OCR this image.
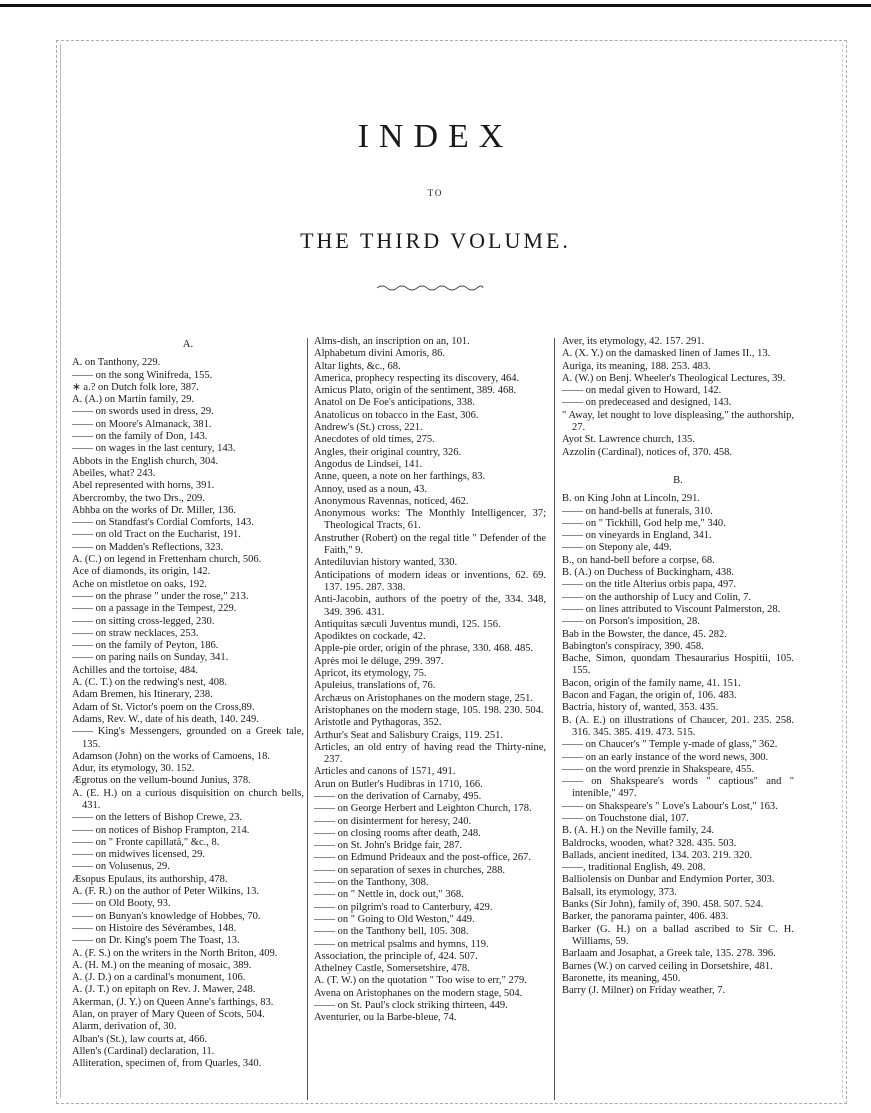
INDEX
TO
THE THIRD VOLUME.
A.
A. on Tanthony, 229.
—— on the song Winifreda, 155.
∗ a.? on Dutch folk lore, 387.
A. (A.) on Martin family, 29.
—— on swords used in dress, 29.
—— on Moore's Almanack, 381.
—— on the family of Don, 143.
—— on wages in the last century, 143.
Abbots in the English church, 304.
Abeiles, what? 243.
Abel represented with horns, 391.
Abercromby, the two Drs., 209.
Abhba on the works of Dr. Miller, 136.
—— on Standfast's Cordial Comforts, 143.
—— on old Tract on the Eucharist, 191.
—— on Madden's Reflections, 323.
A. (C.) on legend in Frettenham church, 506.
Ace of diamonds, its origin, 142.
Ache on mistletoe on oaks, 192.
—— on the phrase " under the rose," 213.
—— on a passage in the Tempest, 229.
—— on sitting cross-legged, 230.
—— on straw necklaces, 253.
—— on the family of Peyton, 186.
—— on paring nails on Sunday, 341.
Achilles and the tortoise, 484.
A. (C. T.) on the redwing's nest, 408.
Adam Bremen, his Itinerary, 238.
Adam of St. Victor's poem on the Cross,89.
Adams, Rev. W., date of his death, 140. 249.
—— King's Messengers, grounded on a Greek tale, 135.
Adamson (John) on the works of Camoens, 18.
Adur, its etymology, 30. 152.
Ægrotus on the vellum-bound Junius, 378.
A. (E. H.) on a curious disquisition on church bells, 431.
—— on the letters of Bishop Crewe, 23.
—— on notices of Bishop Frampton, 214.
—— on " Fronte capillatâ," &c., 8.
—— on midwives licensed, 29.
—— on Volusenus, 29.
Æsopus Epulaus, its authorship, 478.
A. (F. R.) on the author of Peter Wilkins, 13.
—— on Old Booty, 93.
—— on Bunyan's knowledge of Hobbes, 70.
—— on Histoire des Sévérambes, 148.
—— on Dr. King's poem The Toast, 13.
A. (F. S.) on the writers in the North Briton, 409.
A. (H. M.) on the meaning of mosaic, 389.
A. (J. D.) on a cardinal's monument, 106.
A. (J. T.) on epitaph on Rev. J. Mawer, 248.
Akerman, (J. Y.) on Queen Anne's farthings, 83.
Alan, on prayer of Mary Queen of Scots, 504.
Alarm, derivation of, 30.
Alban's (St.), law courts at, 466.
Allen's (Cardinal) declaration, 11.
Alliteration, specimen of, from Quarles, 340.
Alms-dish, an inscription on an, 101.
Alphabetum divini Amoris, 86.
Altar lights, &c., 68.
America, prophecy respecting its discovery, 464.
Amicus Plato, origin of the sentiment, 389. 468.
Anatol on De Foe's anticipations, 338.
Anatolicus on tobacco in the East, 306.
Andrew's (St.) cross, 221.
Anecdotes of old times, 275.
Angles, their original country, 326.
Angodus de Lindsei, 141.
Anne, queen, a note on her farthings, 83.
Annoy, used as a noun, 43.
Anonymous Ravennas, noticed, 462.
Anonymous works: The Monthly Intelligencer, 37; Theological Tracts, 61.
Anstruther (Robert) on the regal title " Defender of the Faith," 9.
Antediluvian history wanted, 330.
Anticipations of modern ideas or inventions, 62. 69. 137. 195. 287. 338.
Anti-Jacobin, authors of the poetry of the, 334. 348, 349. 396. 431.
Antiquitas sæculi Juventus mundi, 125. 156.
Apodiktes on cockade, 42.
Apple-pie order, origin of the phrase, 330. 468. 485.
Après moi le déluge, 299. 397.
Apricot, its etymology, 75.
Apuleius, translations of, 76.
Archæus on Aristophanes on the modern stage, 251.
Aristophanes on the modern stage, 105. 198. 230. 504.
Aristotle and Pythagoras, 352.
Arthur's Seat and Salisbury Craigs, 119. 251.
Articles, an old entry of having read the Thirty-nine, 237.
Articles and canons of 1571, 491.
Arun on Butler's Hudibras in 1710, 166.
—— on the derivation of Carnaby, 495.
—— on George Herbert and Leighton Church, 178.
—— on disinterment for heresy, 240.
—— on closing rooms after death, 248.
—— on St. John's Bridge fair, 287.
—— on Edmund Prideaux and the post-office, 267.
—— on separation of sexes in churches, 288.
—— on the Tanthony, 308.
—— on " Nettle in, dock out," 368.
—— on pilgrim's road to Canterbury, 429.
—— on " Going to Old Weston," 449.
—— on the Tanthony bell, 105. 308.
—— on metrical psalms and hymns, 119.
Association, the principle of, 424. 507.
Athelney Castle, Somersetshire, 478.
A. (T. W.) on the quotation " Too wise to err," 279.
Avena on Aristophanes on the modern stage, 504.
—— on St. Paul's clock striking thirteen, 449.
Aventurier, ou la Barbe-bleue, 74.
Aver, its etymology, 42. 157. 291.
A. (X. Y.) on the damasked linen of James II., 13.
Auriga, its meaning, 188. 253. 483.
A. (W.) on Benj. Wheeler's Theological Lectures, 39.
—— on medal given to Howard, 142.
—— on predeceased and designed, 143.
" Away, let nought to love displeasing," the authorship, 27.
Ayot St. Lawrence church, 135.
Azzolin (Cardinal), notices of, 370. 458.
B.
B. on King John at Lincoln, 291.
—— on hand-bells at funerals, 310.
—— on " Tickhill, God help me," 340.
—— on vineyards in England, 341.
—— on Stepony ale, 449.
B., on hand-bell before a corpse, 68.
B. (A.) on Duchess of Buckingham, 438.
—— on the title Alterius orbis papa, 497.
—— on the authorship of Lucy and Colin, 7.
—— on lines attributed to Viscount Palmerston, 28.
—— on Porson's imposition, 28.
Bab in the Bowster, the dance, 45. 282.
Babington's conspiracy, 390. 458.
Bache, Simon, quondam Thesaurarius Hospitii, 105. 155.
Bacon, origin of the family name, 41. 151.
Bacon and Fagan, the origin of, 106. 483.
Bactria, history of, wanted, 353. 435.
B. (A. E.) on illustrations of Chaucer, 201. 235. 258. 316. 345. 385. 419. 473. 515.
—— on Chaucer's " Temple y-made of glass," 362.
—— on an early instance of the word news, 300.
—— on the word prenzie in Shakspeare, 455.
—— on Shakspeare's words " captious" and " intenible," 497.
—— on Shakspeare's " Love's Labour's Lost," 163.
—— on Touchstone dial, 107.
B. (A. H.) on the Neville family, 24.
Baldrocks, wooden, what? 328. 435. 503.
Ballads, ancient inedited, 134. 203. 219. 320.
——, traditional English, 49. 208.
Balliolensis on Dunbar and Endymion Porter, 303.
Balsall, its etymology, 373.
Banks (Sir John), family of, 390. 458. 507. 524.
Barker, the panorama painter, 406. 483.
Barker (G. H.) on a ballad ascribed to Sir C. H. Williams, 59.
Barlaam and Josaphat, a Greek tale, 135. 278. 396.
Barnes (W.) on carved ceiling in Dorsetshire, 481.
Baronette, its meaning, 450.
Barry (J. Milner) on Friday weather, 7.
